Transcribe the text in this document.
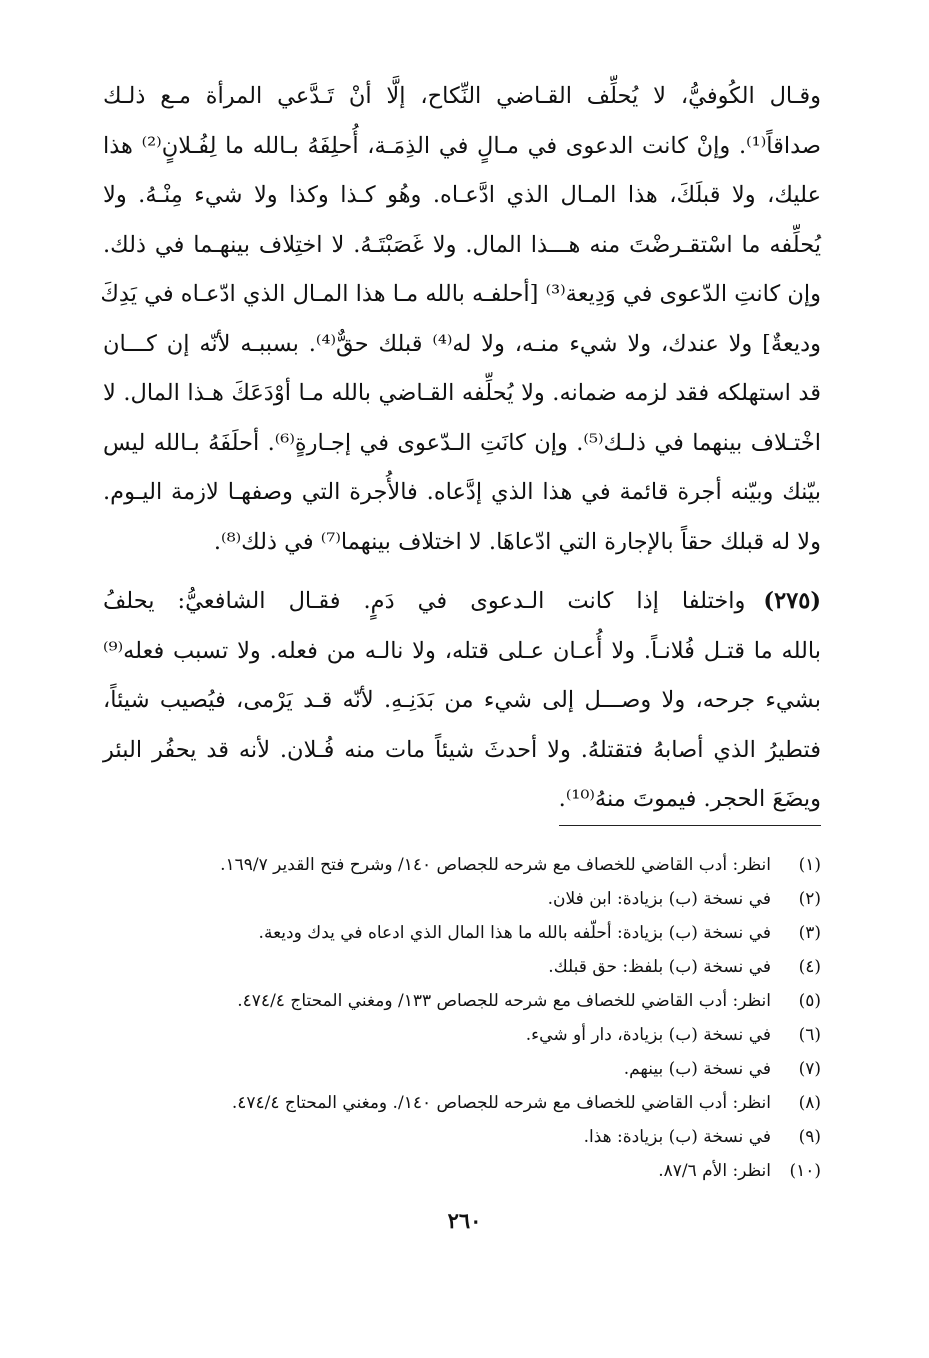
وقـال الكُوفيُّ، لا يُحلِّف القـاضي النِّكاح، إلَّا أنْ تَـدَّعي المرأة مـع ذلـك
صداقاً⁽¹⁾. وإنْ كانت الدعوى في مـالٍ في الذِمَـة، أُحلِفَهُ بـالله ما لِفُـلانٍ⁽²⁾ هذا
عليك، ولا قبلَكَ، هذا المـال الذي ادَّعـاه. وهُو كـذا وكذا ولا شيء مِنْـهُ. ولا
يُحلِّفه ما اسْتقـرضْتَ منه هـــذا المال. ولا غَصَبْتَـهُ. لا اختِلاف بينهـما في ذلك.
وإن كانتِ الدّعوى في وَدِيعة⁽³⁾ [أحلفـه بالله مـا هذا المـال الذي ادّعـاه في يَدِكَ
وديعةٌ] ولا عندك، ولا شيء منـه، ولا له⁽⁴⁾ قبلك حقٌّ⁽⁴⁾. بسببـه لأنّه إن كـــان
قد استهلكه فقد لزمه ضمانه. ولا يُحلِّفه القـاضي بالله مـا أوْدَعَكَ هـذا المال. لا
اخْتـلاف بينهما في ذلـك⁽⁵⁾. وإن كانَتِ الـدّعوى في إجـارةٍ⁽⁶⁾. أحلَفَهُ بـالله ليس
بيّنك وبيّنه أجرة قائمة في هذا الذي إدَّعاه. فالأُجرة التي وصفهـا لازمة اليـوم.
ولا له قبلك حقاً بالإجارة التي ادّعاهَا. لا اختلاف بينهما⁽⁷⁾ في ذلك⁽⁸⁾.
(٢٧٥)واختلفا إذا كانت الـدعوى في دَمٍ. فقـال الشافعيُّ: يحلفُ
بالله ما قتـل فُلانـاً. ولا أُعـان عـلى قتله، ولا نالـه من فعله. ولا تسبب فعله⁽⁹⁾
بشيء جرحه، ولا وصـــل إلى شيء من بَدَنِـهِ. لأنّه قـد يَرْمى، فيُصيب شيئاً،
فتطيرُ الذي أصابهُ فتقتلهُ. ولا أحدثَ شيئاً مات منه فُـلان. لأنه قد يحفُر البئر
ويضَعَ الحجر. فيموتَ منهُ⁽¹⁰⁾.
(١)
انظر: أدب القاضي للخصاف مع شرحه للجصاص ١٤٠/ وشرح فتح القدير ١٦٩/٧.
(٢)
في نسخة (ب) بزيادة: ابن فلان.
(٣)
في نسخة (ب) بزيادة: أحلّفه بالله ما هذا المال الذي ادعاه في يدك وديعة.
(٤)
في نسخة (ب) بلفظ: حق قبلك.
(٥)
انظر: أدب القاضي للخصاف مع شرحه للجصاص ١٣٣/ ومغني المحتاج ٤٧٤/٤.
(٦)
في نسخة (ب) بزيادة، دار أو شيء.
(٧)
في نسخة (ب) بينهم.
(٨)
انظر: أدب القاضي للخصاف مع شرحه للجصاص ١٤٠/. ومغني المحتاج ٤٧٤/٤.
(٩)
في نسخة (ب) بزيادة: هذا.
(١٠)
انظر: الأم ٨٧/٦.
٢٦٠
